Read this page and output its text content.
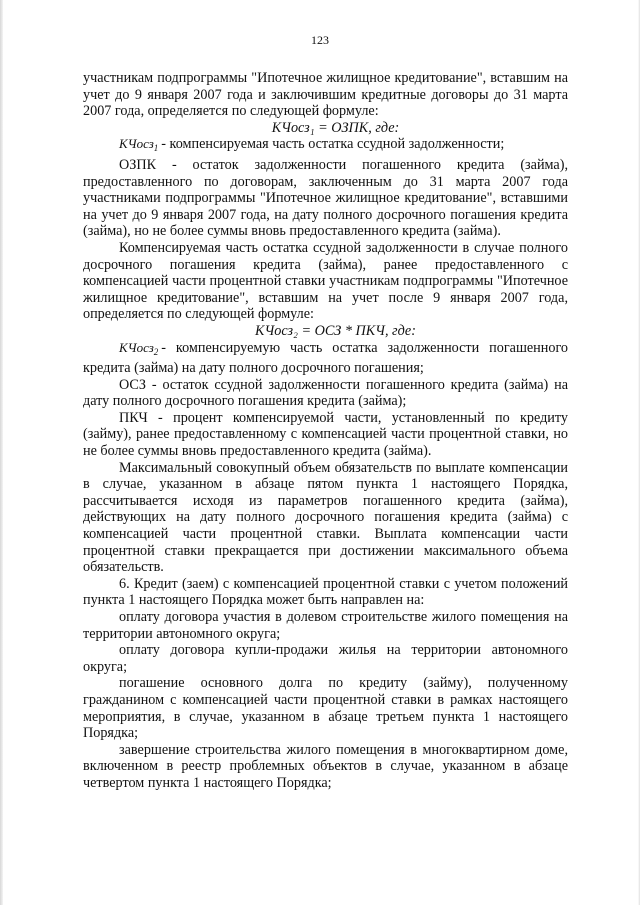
123

участникам подпрограммы "Ипотечное жилищное кредитование", вставшим на учет до 9 января 2007 года и заключившим кредитные договоры до 31 марта 2007 года, определяется по следующей формуле:

КЧосз₁ = ОЗПК, где:

КЧосз$_1$ - компенсируемая часть остатка ссудной задолженности;

ОЗПК - остаток задолженности погашенного кредита (займа), предоставленного по договорам, заключенным до 31 марта 2007 года участниками подпрограммы "Ипотечное жилищное кредитование", вставшими на учет до 9 января 2007 года, на дату полного досрочного погашения кредита (займа), но не более суммы вновь предоставленного кредита (займа).

Компенсируемая часть остатка ссудной задолженности в случае полного досрочного погашения кредита (займа), ранее предоставленного с компенсацией части процентной ставки участникам подпрограммы "Ипотечное жилищное кредитование", вставшим на учет после 9 января 2007 года, определяется по следующей формуле:

КЧосз₂ = ОСЗ * ПКЧ, где:

КЧосз$_2$ - компенсируемую часть остатка задолженности погашенного кредита (займа) на дату полного досрочного погашения;

ОСЗ - остаток ссудной задолженности погашенного кредита (займа) на дату полного досрочного погашения кредита (займа);

ПКЧ - процент компенсируемой части, установленный по кредиту (займу), ранее предоставленному с компенсацией части процентной ставки, но не более суммы вновь предоставленного кредита (займа).

Максимальный совокупный объем обязательств по выплате компенсации в случае, указанном в абзаце пятом пункта 1 настоящего Порядка, рассчитывается исходя из параметров погашенного кредита (займа), действующих на дату полного досрочного погашения кредита (займа) с компенсацией части процентной ставки. Выплата компенсации части процентной ставки прекращается при достижении максимального объема обязательств.

6. Кредит (заем) с компенсацией процентной ставки с учетом положений пункта 1 настоящего Порядка может быть направлен на:

оплату договора участия в долевом строительстве жилого помещения на территории автономного округа;

оплату договора купли-продажи жилья на территории автономного округа;

погашение основного долга по кредиту (займу), полученному гражданином с компенсацией части процентной ставки в рамках настоящего мероприятия, в случае, указанном в абзаце третьем пункта 1 настоящего Порядка;

завершение строительства жилого помещения в многоквартирном доме, включенном в реестр проблемных объектов в случае, указанном в абзаце четвертом пункта 1 настоящего Порядка;
